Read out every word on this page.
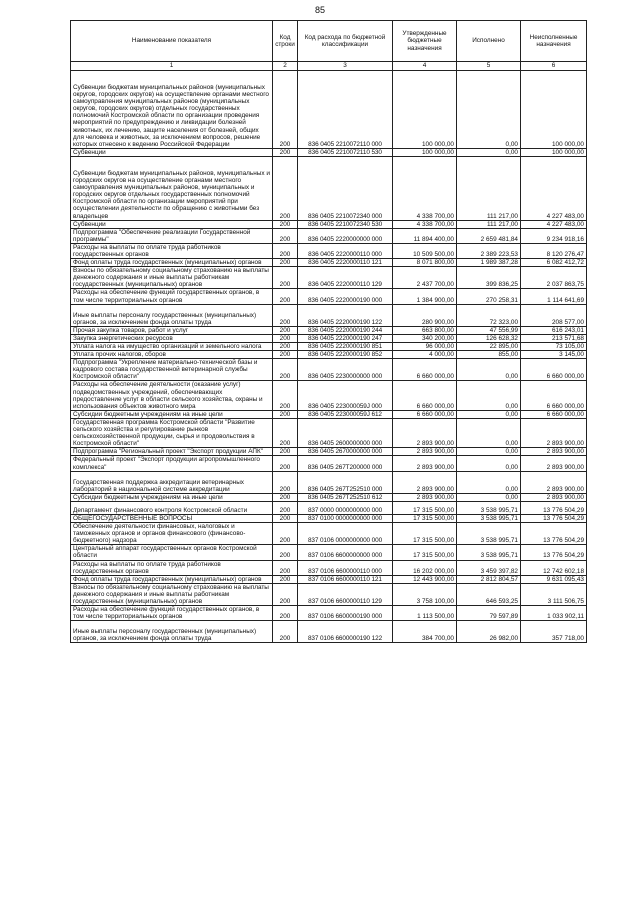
85
Наименование показателя	Код строки	Код расхода по бюджетной классификации	Утвержденные бюджетные назначения	Исполнено	Неисполненные назначения
1	2	3	4	5	6
Субвенции бюджетам муниципальных районов (муниципальных округов, городских округов) на осуществление органами местного самоуправления муниципальных районов (муниципальных округов, городских округов) отдельных государственных полномочий Костромской области по организации проведения мероприятий по предупреждению и ликвидации болезней животных, их лечению, защите населения от болезней, общих для человека и животных, за исключением вопросов, решение которых отнесено к ведению Российской Федерации	200	836 0405 2210072110 000	100 000,00	0,00	100 000,00
Субвенции	200	836 0405 2210072110 530	100 000,00	0,00	100 000,00
Субвенции бюджетам муниципальных районов, муниципальных и городских округов на осуществление органами местного самоуправления муниципальных районов, муниципальных и городских округов отдельных государственных полномочий Костромской области по организации мероприятий при осуществлении деятельности по обращению с животными без владельцев	200	836 0405 2210072340 000	4 338 700,00	111 217,00	4 227 483,00
Субвенции	200	836 0405 2210072340 530	4 338 700,00	111 217,00	4 227 483,00
Подпрограмма "Обеспечение реализации Государственной программы"	200	836 0405 2220000000 000	11 894 400,00	2 659 481,84	9 234 918,16
Расходы на выплаты по оплате труда работников государственных органов	200	836 0405 2220000110 000	10 509 500,00	2 389 223,53	8 120 276,47
Фонд оплаты труда государственных (муниципальных) органов	200	836 0405 2220000110 121	8 071 800,00	1 989 387,28	6 082 412,72
Взносы по обязательному социальному страхованию на выплаты денежного содержания и иные выплаты работникам государственных (муниципальных) органов	200	836 0405 2220000110 129	2 437 700,00	399 836,25	2 037 863,75
Расходы на обеспечение функций государственных органов, в том числе территориальных органов	200	836 0405 2220000190 000	1 384 900,00	270 258,31	1 114 641,69
Иные выплаты персоналу государственных (муниципальных) органов, за исключением фонда оплаты труда	200	836 0405 2220000190 122	280 900,00	72 323,00	208 577,00
Прочая закупка товаров, работ и услуг	200	836 0405 2220000190 244	663 800,00	47 556,99	616 243,01
Закупка энергетических ресурсов	200	836 0405 2220000190 247	340 200,00	126 628,32	213 571,68
Уплата налога на имущество организаций и земельного налога	200	836 0405 2220000190 851	96 000,00	22 895,00	73 105,00
Уплата прочих налогов, сборов	200	836 0405 2220000190 852	4 000,00	855,00	3 145,00
Подпрограмма "Укрепление материально-технической базы и кадрового состава государственной ветеринарной службы Костромской области"	200	836 0405 2230000000 000	6 660 000,00	0,00	6 660 000,00
Расходы на обеспечение деятельности (оказание услуг) подведомственных учреждений, обеспечивающих предоставление услуг в области сельского хозяйства, охраны и использования объектов животного мира	200	836 0405 223000059J 000	6 660 000,00	0,00	6 660 000,00
Субсидии бюджетным учреждениям на иные цели	200	836 0405 223000059J 612	6 660 000,00	0,00	6 660 000,00
Государственная программа Костромской области "Развитие сельского хозяйства и регулирование рынков сельскохозяйственной продукции, сырья и продовольствия в Костромской области"	200	836 0405 2600000000 000	2 893 900,00	0,00	2 893 900,00
Подпрограмма "Региональный проект "Экспорт продукции АПК"	200	836 0405 2670000000 000	2 893 900,00	0,00	2 893 900,00
Федеральный проект "Экспорт продукции агропромышленного комплекса"	200	836 0405 267T200000 000	2 893 900,00	0,00	2 893 900,00
Государственная поддержка аккредитации ветеринарных лабораторий в национальной системе аккредитации	200	836 0405 267T252510 000	2 893 900,00	0,00	2 893 900,00
Субсидии бюджетным учреждениям на иные цели	200	836 0405 267T252510 612	2 893 900,00	0,00	2 893 900,00
Департамент финансового контроля Костромской области	200	837 0000 0000000000 000	17 315 500,00	3 538 995,71	13 776 504,29
ОБЩЕГОСУДАРСТВЕННЫЕ ВОПРОСЫ	200	837 0100 0000000000 000	17 315 500,00	3 538 995,71	13 776 504,29
Обеспечение деятельности финансовых, налоговых и таможенных органов и органов финансового (финансово-бюджетного) надзора	200	837 0106 0000000000 000	17 315 500,00	3 538 995,71	13 776 504,29
Центральный аппарат государственных органов Костромской области	200	837 0106 6600000000 000	17 315 500,00	3 538 995,71	13 776 504,29
Расходы на выплаты по оплате труда работников государственных органов	200	837 0106 6600000110 000	16 202 000,00	3 459 397,82	12 742 602,18
Фонд оплаты труда государственных (муниципальных) органов	200	837 0106 6600000110 121	12 443 900,00	2 812 804,57	9 631 095,43
Взносы по обязательному социальному страхованию на выплаты денежного содержания и иные выплаты работникам государственных (муниципальных) органов	200	837 0106 6600000110 129	3 758 100,00	646 593,25	3 111 506,75
Расходы на обеспечение функций государственных органов, в том числе территориальных органов	200	837 0106 6600000190 000	1 113 500,00	79 597,89	1 033 902,11
Иные выплаты персоналу государственных (муниципальных) органов, за исключением фонда оплаты труда	200	837 0106 6600000190 122	384 700,00	26 982,00	357 718,00
